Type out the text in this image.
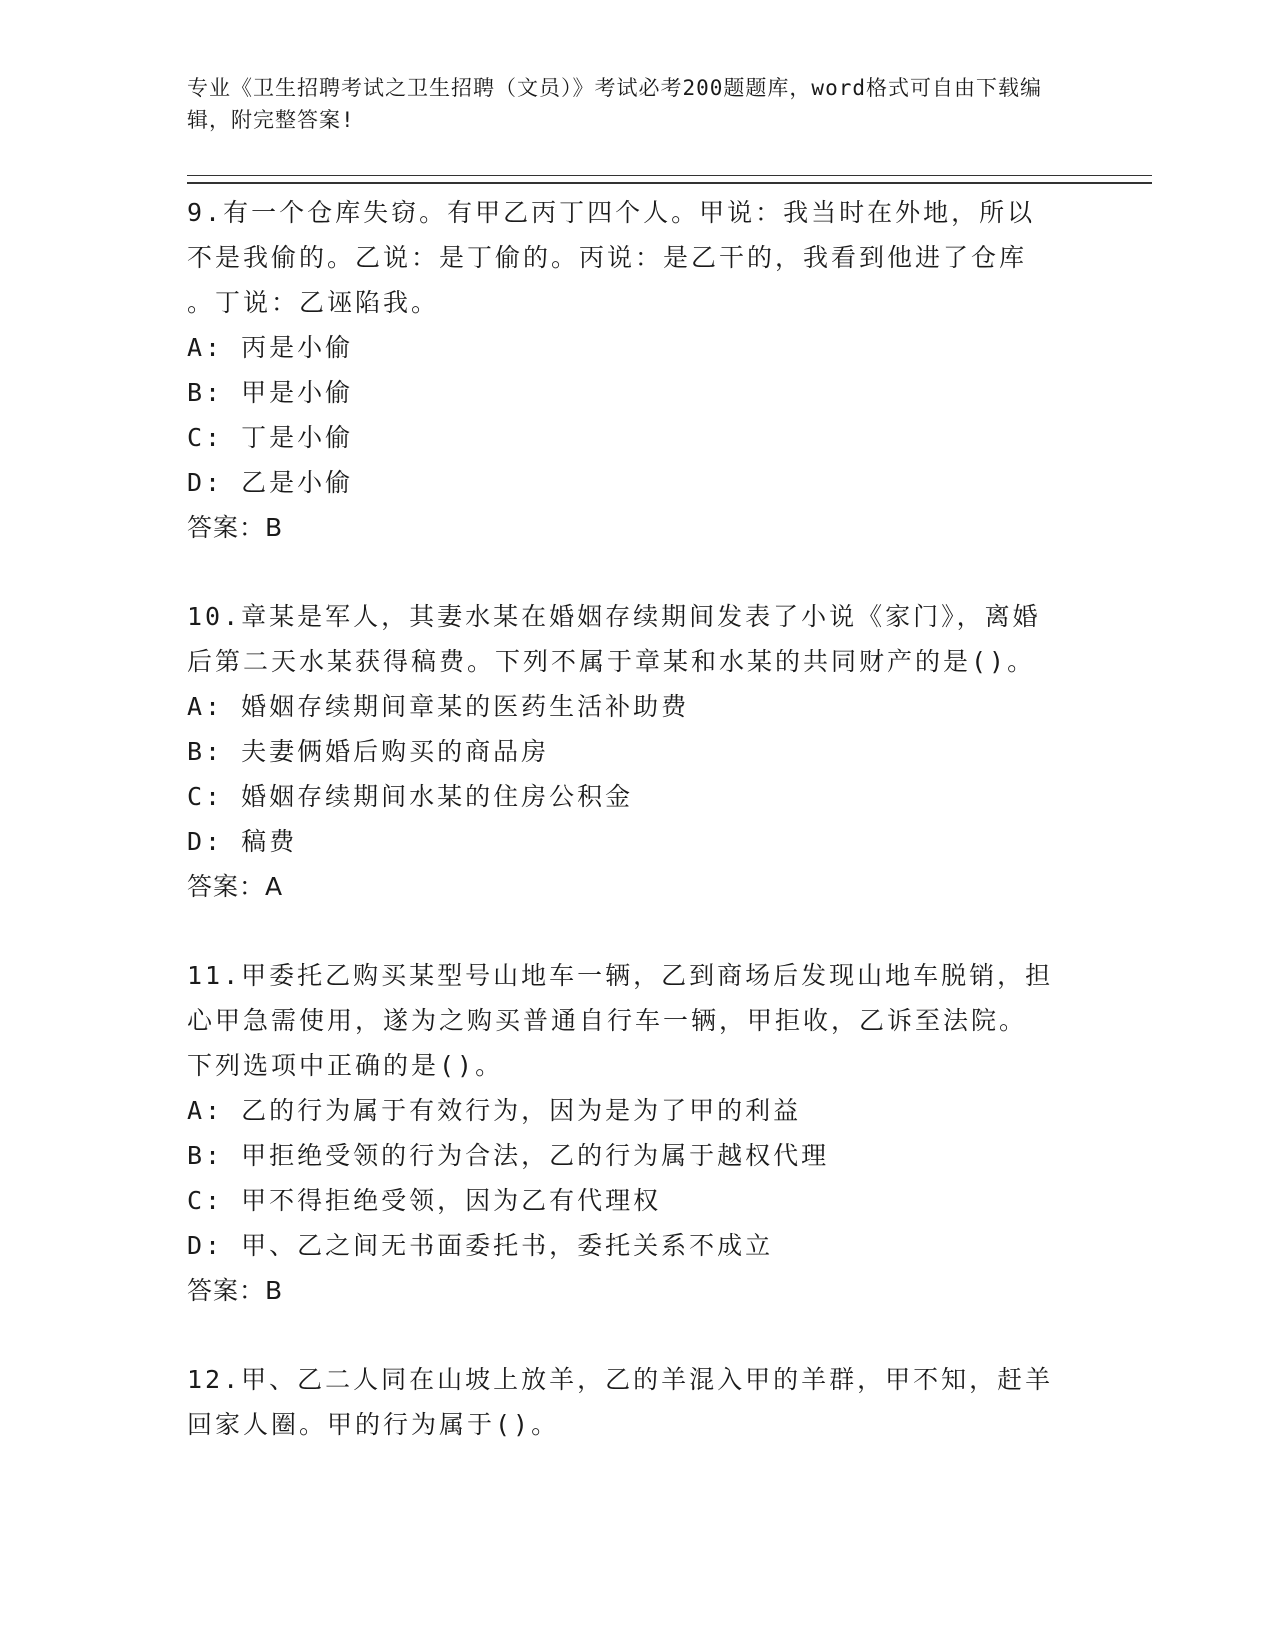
专业《卫生招聘考试之卫生招聘（文员）》考试必考200题题库，word格式可自由下载编辑，附完整答案!

9.有一个仓库失窃。有甲乙丙丁四个人。甲说：我当时在外地，所以

不是我偷的。乙说：是丁偷的。丙说：是乙干的，我看到他进了仓库

。丁说：乙诬陷我。

A: 丙是小偷

B: 甲是小偷

C: 丁是小偷

D: 乙是小偷

答案：B

10.章某是军人，其妻水某在婚姻存续期间发表了小说《家门》，离婚

后第二天水某获得稿费。下列不属于章某和水某的共同财产的是()。

A: 婚姻存续期间章某的医药生活补助费

B: 夫妻俩婚后购买的商品房

C: 婚姻存续期间水某的住房公积金

D: 稿费

答案：A

11.甲委托乙购买某型号山地车一辆，乙到商场后发现山地车脱销，担

心甲急需使用，遂为之购买普通自行车一辆，甲拒收，乙诉至法院。

下列选项中正确的是()。

A: 乙的行为属于有效行为，因为是为了甲的利益

B: 甲拒绝受领的行为合法，乙的行为属于越权代理

C: 甲不得拒绝受领，因为乙有代理权

D: 甲、乙之间无书面委托书，委托关系不成立

答案：B

12.甲、乙二人同在山坡上放羊，乙的羊混入甲的羊群，甲不知，赶羊

回家人圈。甲的行为属于()。
